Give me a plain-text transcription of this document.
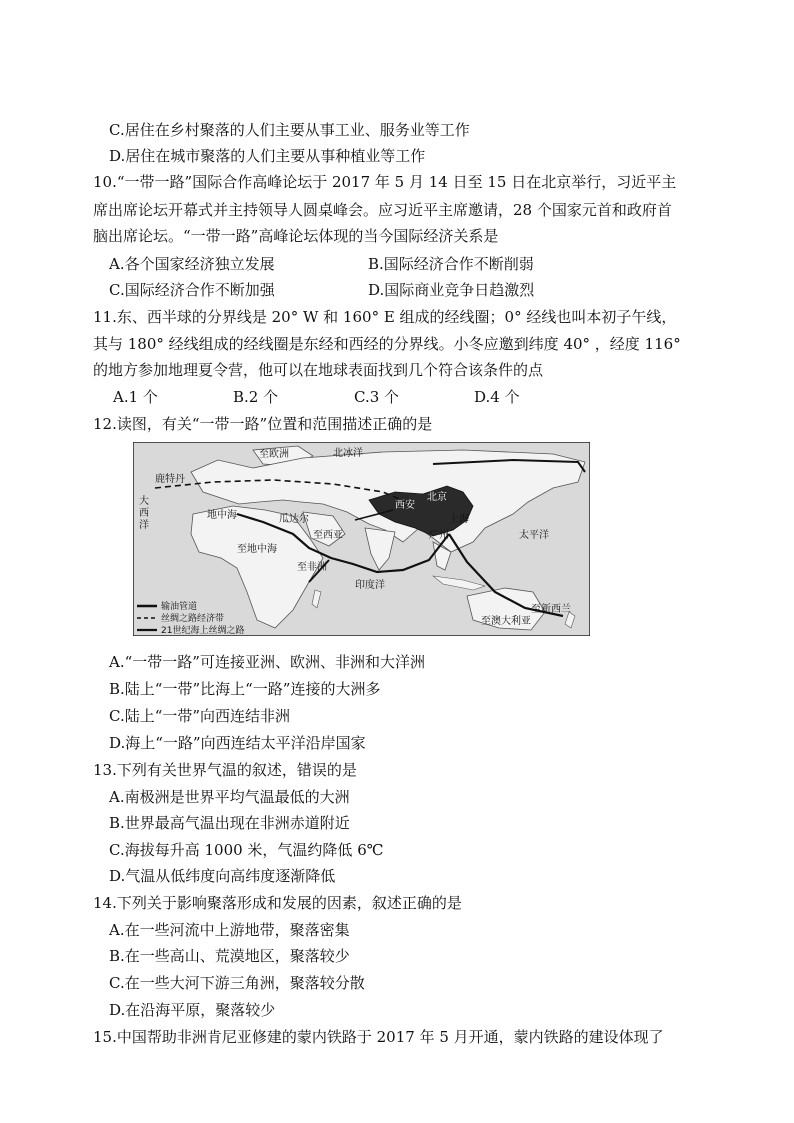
C.居住在乡村聚落的人们主要从事工业、服务业等工作
D.居住在城市聚落的人们主要从事种植业等工作
10.“一带一路”国际合作高峰论坛于 2017 年 5 月 14 日至 15 日在北京举行，习近平主
席出席论坛开幕式并主持领导人圆桌峰会。应习近平主席邀请，28 个国家元首和政府首
脑出席论坛。“一带一路”高峰论坛体现的当今国际经济关系是
A.各个国家经济独立发展	B.国际经济合作不断削弱
C.国际经济合作不断加强	D.国际商业竞争日趋激烈
11.东、西半球的分界线是 20° W 和 160° E 组成的经线圈；0° 经线也叫本初子午线，
其与 180° 经线组成的经线圈是东经和西经的分界线。小冬应邀到纬度 40° ，经度 116°
的地方参加地理夏令营，他可以在地球表面找到几个符合该条件的点
A.1 个	B.2 个	C.3 个	D.4 个
12.读图，有关“一带一路”位置和范围描述正确的是
至欧洲	北冰洋
鹿特丹
大
西
洋
地中海	瓜达尔
西安
北京
上海
广州	太平洋
至地中海
至西亚
至非洲
印度洋
至澳大利亚
至新西兰
输油管道
丝绸之路经济带
21世纪海上丝绸之路
A.“一带一路”可连接亚洲、欧洲、非洲和大洋洲
B.陆上“一带”比海上“一路”连接的大洲多
C.陆上“一带”向西连结非洲
D.海上“一路”向西连结太平洋沿岸国家
13.下列有关世界气温的叙述，错误的是
A.南极洲是世界平均气温最低的大洲
B.世界最高气温出现在非洲赤道附近
C.海拔每升高 1000 米，气温约降低 6℃
D.气温从低纬度向高纬度逐渐降低
14.下列关于影响聚落形成和发展的因素，叙述正确的是
A.在一些河流中上游地带，聚落密集
B.在一些高山、荒漠地区，聚落较少
C.在一些大河下游三角洲，聚落较分散
D.在沿海平原，聚落较少
15.中国帮助非洲肯尼亚修建的蒙内铁路于 2017 年 5 月开通，蒙内铁路的建设体现了
